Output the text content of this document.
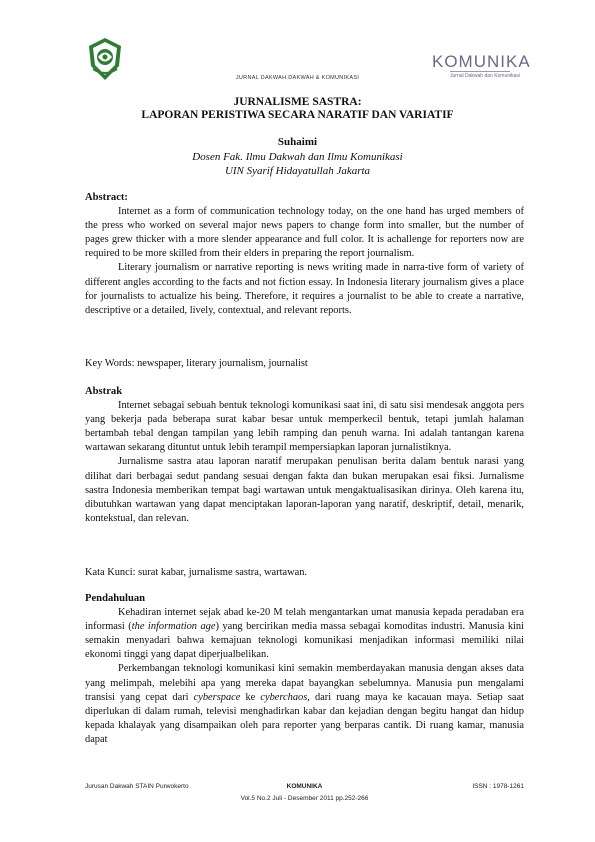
KOMUNIKA
Jurnal Dakwah dan Komunikasi
JURNAL DAKWAH DAKWAH & KOMUNIKASI
JURNALISME SASTRA:
LAPORAN PERISTIWA SECARA NARATIF DAN VARIATIF
Suhaimi
Dosen Fak. Ilmu Dakwah dan Ilmu Komunikasi
UIN Syarif Hidayatullah Jakarta

Abstract:

Internet as a form of communication technology today, on the one hand has urged members of the press who worked on several major news papers to change form into smaller, but the number of pages grew thicker with a more slender appearance and full color. It is achallenge for reporters now are required to be more skilled from their elders in preparing the report journalism.

Literary journalism or narrative reporting is news writing made in narra-tive form of variety of different angles according to the facts and not fiction essay. In Indonesia literary journalism gives a place for journalists to actualize his being. Therefore, it requires a journalist to be able to create a narrative, descriptive or a detailed, lively, contextual, and relevant reports.

Key Words: newspaper, literary journalism, journalist

Abstrak

Internet sebagai sebuah bentuk teknologi komunikasi saat ini, di satu sisi mendesak anggota pers yang bekerja pada beberapa surat kabar besar untuk memperkecil bentuk, tetapi jumlah halaman bertambah tebal dengan tampilan yang lebih ramping dan penuh warna. Ini adalah tantangan karena wartawan sekarang dituntut untuk lebih terampil mempersiapkan laporan jurnalistiknya.

Jurnalisme sastra atau laporan naratif merupakan penulisan berita dalam bentuk narasi yang dilihat dari berbagai sedut pandang sesuai dengan fakta dan bukan merupakan esai fiksi. Jurnalisme sastra Indonesia memberikan tempat bagi wartawan untuk mengaktualisasikan dirinya. Oleh karena itu, dibutuhkan wartawan yang dapat menciptakan laporan-laporan yang naratif, deskriptif, detail, menarik, kontekstual, dan relevan.

Kata Kunci: surat kabar, jurnalisme sastra, wartawan.

Pendahuluan

Kehadiran internet sejak abad ke-20 M telah mengantarkan umat manusia kepada peradaban era informasi (the information age) yang bercirikan media massa sebagai komoditas industri. Manusia kini semakin menyadari bahwa kemajuan teknologi komunikasi menjadikan informasi memiliki nilai ekonomi tinggi yang dapat diperjualbelikan.

Perkembangan teknologi komunikasi kini semakin memberdayakan manusia dengan akses data yang melimpah, melebihi apa yang mereka dapat bayangkan sebelumnya. Manusia pun mengalami transisi yang cepat dari cyberspace ke cyberchaos, dari ruang maya ke kacauan maya. Setiap saat diperlukan di dalam rumah, televisi menghadirkan kabar dan kejadian dengan begitu hangat dan hidup kepada khalayak yang disampaikan oleh para reporter yang berparas cantik. Di ruang kamar, manusia dapat

Jurusan Dakwah STAIN Purwokerto	KOMUNIKA	ISSN : 1978-1261
Vol.5 No.2 Juli - Desember 2011 pp.252-266
